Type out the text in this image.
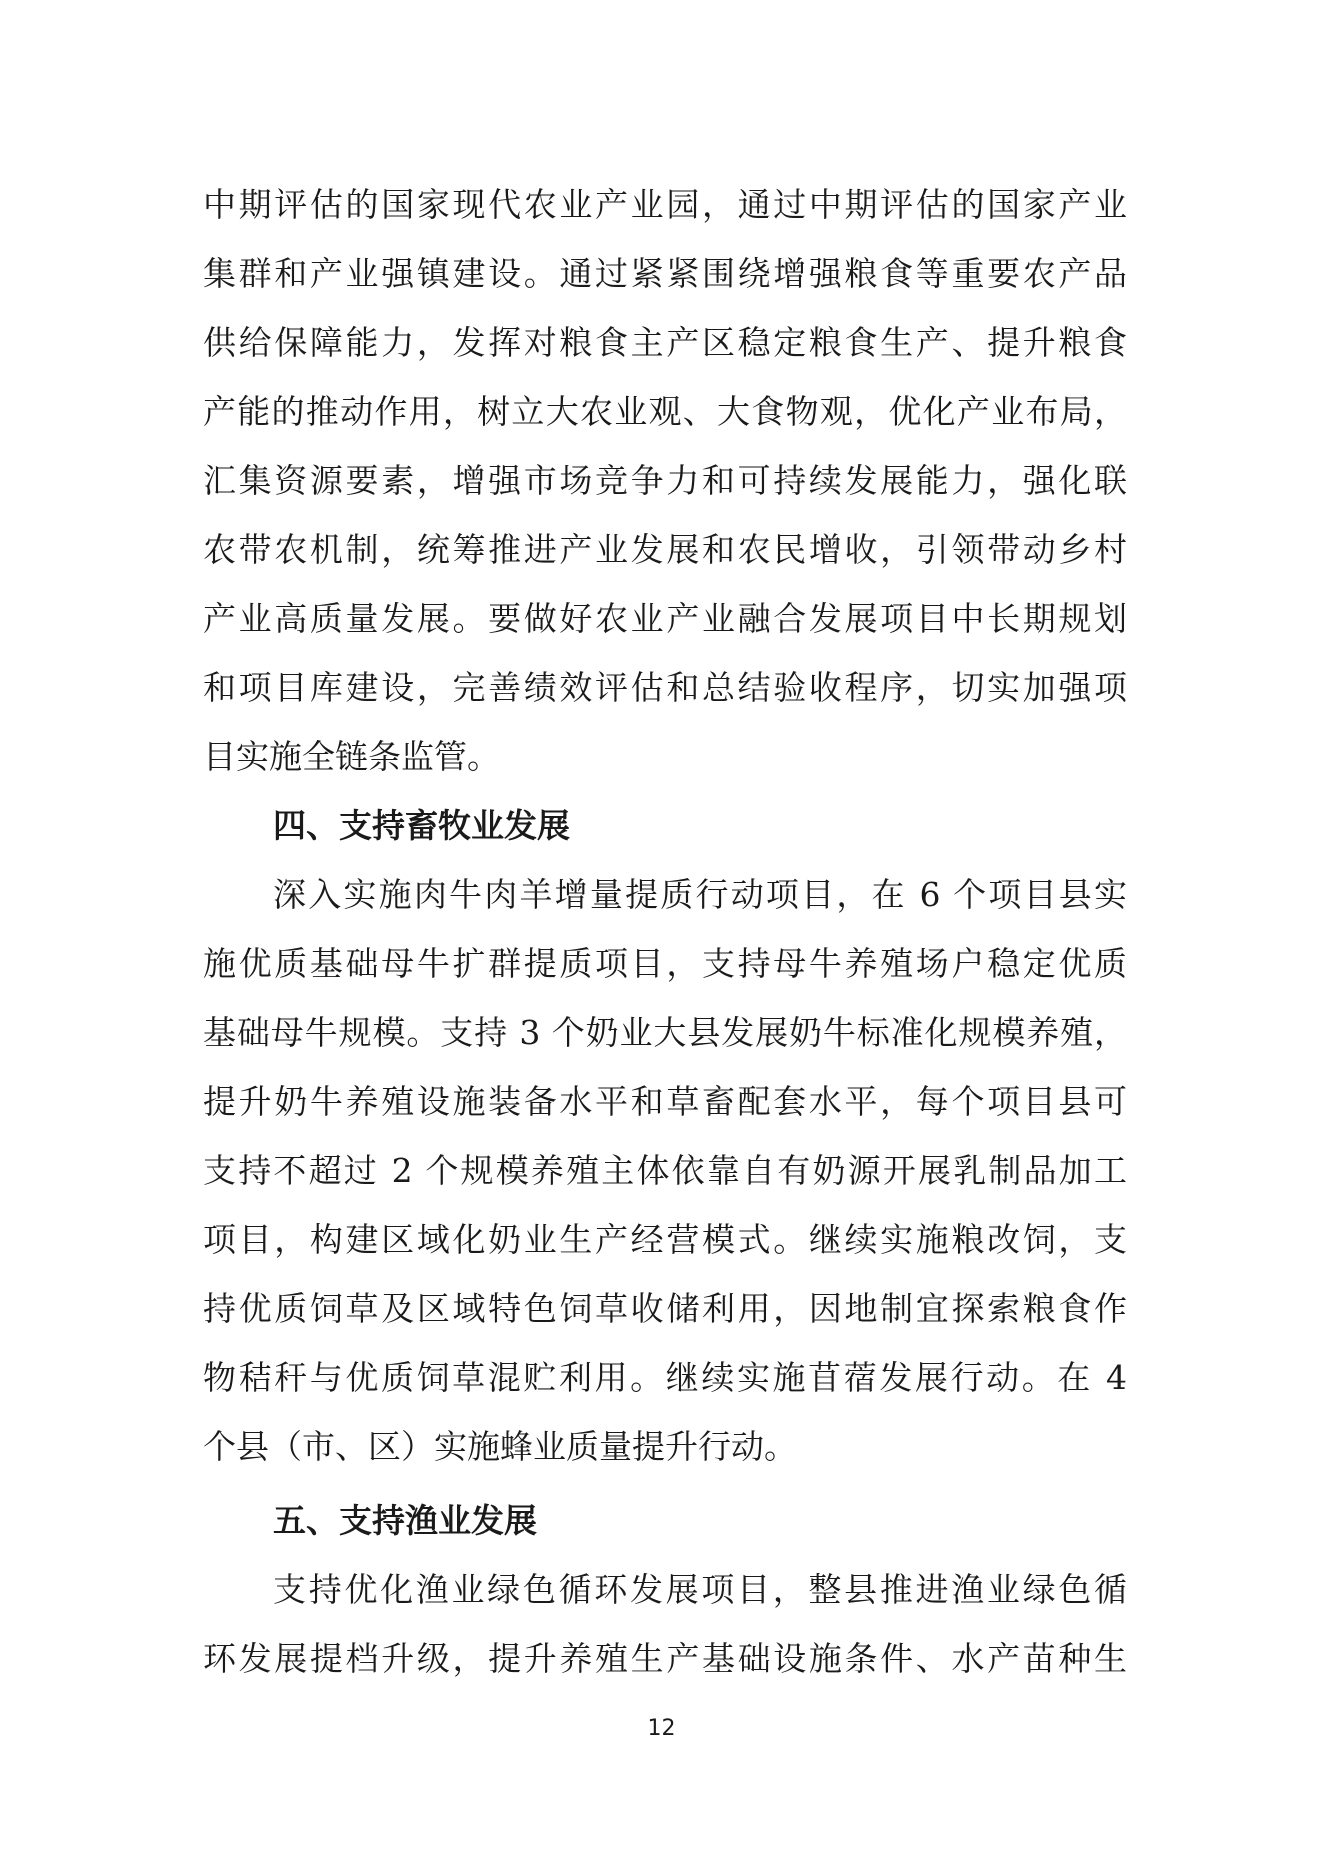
中期评估的国家现代农业产业园，通过中期评估的国家产业
集群和产业强镇建设。通过紧紧围绕增强粮食等重要农产品
供给保障能力，发挥对粮食主产区稳定粮食生产、提升粮食
产能的推动作用，树立大农业观、大食物观，优化产业布局，
汇集资源要素，增强市场竞争力和可持续发展能力，强化联
农带农机制，统筹推进产业发展和农民增收，引领带动乡村
产业高质量发展。要做好农业产业融合发展项目中长期规划
和项目库建设，完善绩效评估和总结验收程序，切实加强项
目实施全链条监管。
四、支持畜牧业发展
深入实施肉牛肉羊增量提质行动项目，在 6 个项目县实
施优质基础母牛扩群提质项目，支持母牛养殖场户稳定优质
基础母牛规模。支持 3 个奶业大县发展奶牛标准化规模养殖，
提升奶牛养殖设施装备水平和草畜配套水平，每个项目县可
支持不超过 2 个规模养殖主体依靠自有奶源开展乳制品加工
项目，构建区域化奶业生产经营模式。继续实施粮改饲，支
持优质饲草及区域特色饲草收储利用，因地制宜探索粮食作
物秸秆与优质饲草混贮利用。继续实施苜蓿发展行动。在 4
个县（市、区）实施蜂业质量提升行动。
五、支持渔业发展
支持优化渔业绿色循环发展项目，整县推进渔业绿色循
环发展提档升级，提升养殖生产基础设施条件、水产苗种生
12
